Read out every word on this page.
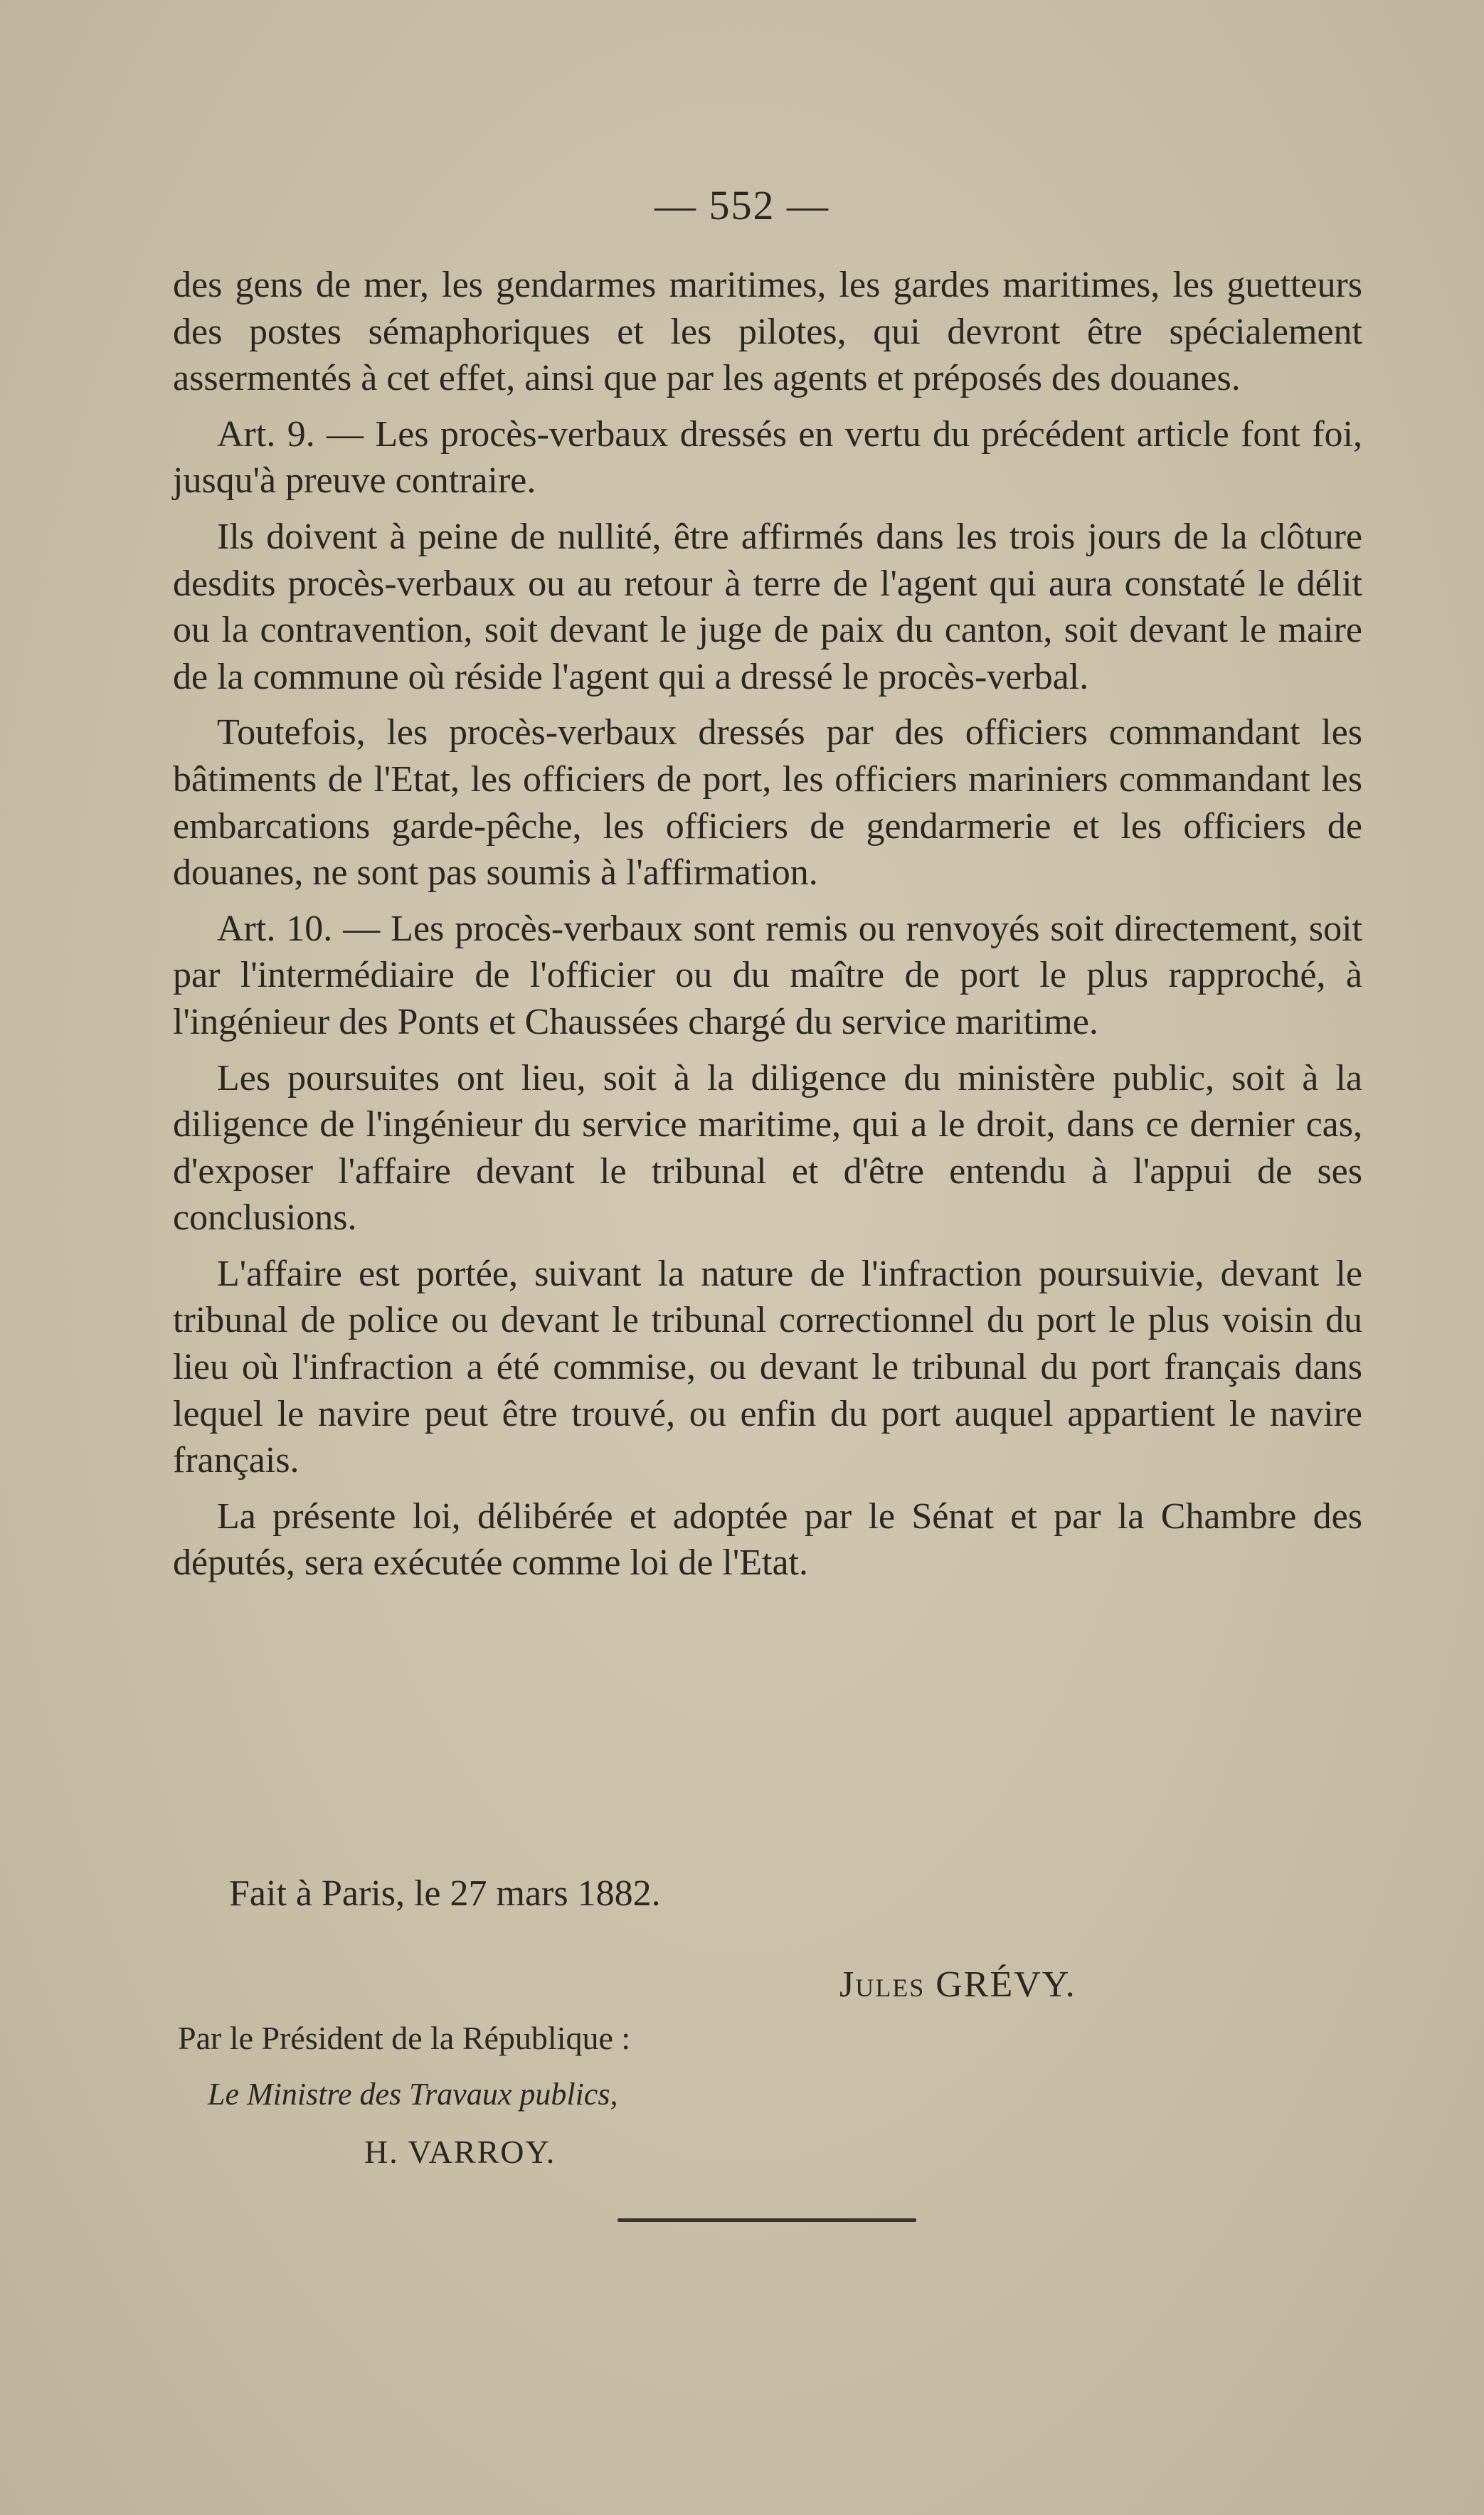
— 552 —

des gens de mer, les gendarmes maritimes, les gardes maritimes, les guetteurs des postes sémaphoriques et les pilotes, qui devront être spécialement assermentés à cet effet, ainsi que par les agents et préposés des douanes.

Art. 9. — Les procès-verbaux dressés en vertu du précédent article font foi, jusqu'à preuve contraire.

Ils doivent à peine de nullité, être affirmés dans les trois jours de la clôture desdits procès-verbaux ou au retour à terre de l'agent qui aura constaté le délit ou la contravention, soit devant le juge de paix du canton, soit devant le maire de la commune où réside l'agent qui a dressé le procès-verbal.

Toutefois, les procès-verbaux dressés par des officiers commandant les bâtiments de l'Etat, les officiers de port, les officiers mariniers commandant les embarcations garde-pêche, les officiers de gendarmerie et les officiers de douanes, ne sont pas soumis à l'affirmation.

Art. 10. — Les procès-verbaux sont remis ou renvoyés soit directement, soit par l'intermédiaire de l'officier ou du maître de port le plus rapproché, à l'ingénieur des Ponts et Chaussées chargé du service maritime.

Les poursuites ont lieu, soit à la diligence du ministère public, soit à la diligence de l'ingénieur du service maritime, qui a le droit, dans ce dernier cas, d'exposer l'affaire devant le tribunal et d'être entendu à l'appui de ses conclusions.

L'affaire est portée, suivant la nature de l'infraction poursuivie, devant le tribunal de police ou devant le tribunal correctionnel du port le plus voisin du lieu où l'infraction a été commise, ou devant le tribunal du port français dans lequel le navire peut être trouvé, ou enfin du port auquel appartient le navire français.

La présente loi, délibérée et adoptée par le Sénat et par la Chambre des députés, sera exécutée comme loi de l'Etat.

Fait à Paris, le 27 mars 1882.
Jules GRÉVY.
Par le Président de la République :
Le Ministre des Travaux publics,
H. VARROY.
